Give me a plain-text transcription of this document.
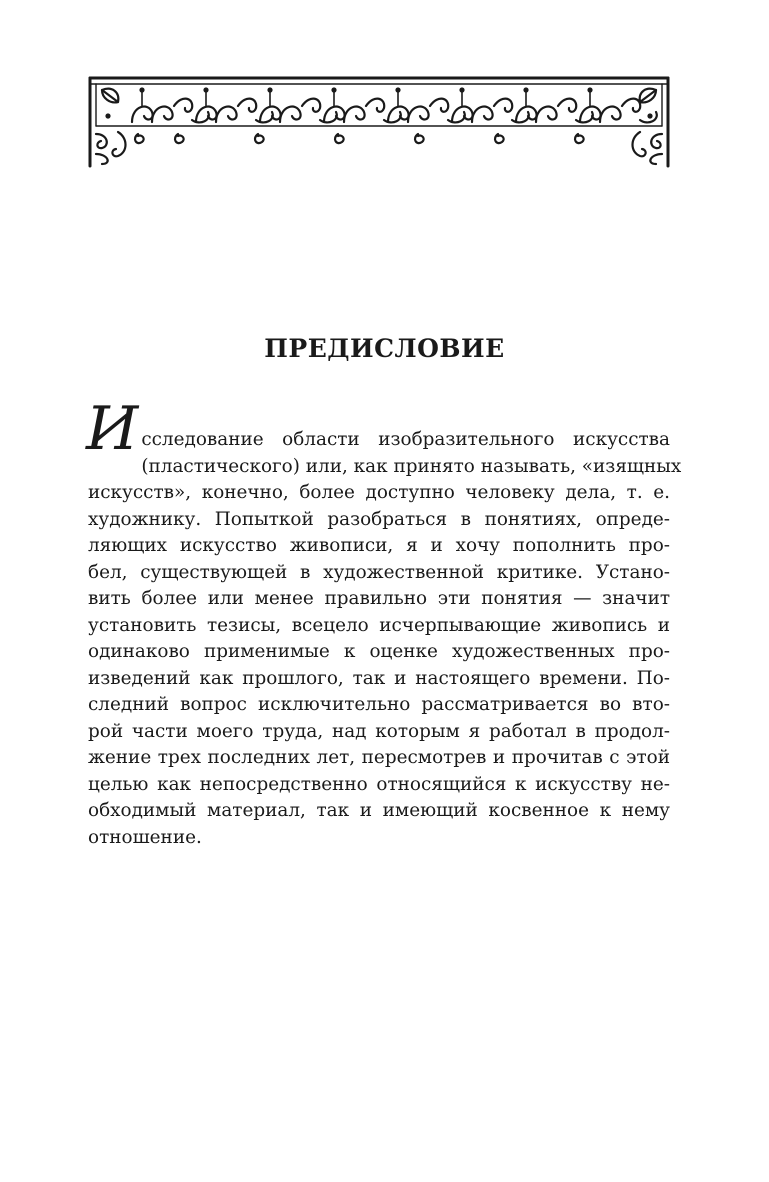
ПРЕДИСЛОВИЕ
И сследование области изобразительного искусства
(пластического) или, как принято называть, «изящных
искусств», конечно, более доступно человеку дела, т. е.
художнику. Попыткой разобраться в понятиях, опреде-
ляющих искусство живописи, я и хочу пополнить про-
бел, существующей в художественной критике. Устано-
вить более или менее правильно эти понятия — значит
установить тезисы, всецело исчерпывающие живопись и
одинаково применимые к оценке художественных про-
изведений как прошлого, так и настоящего времени. По-
следний вопрос исключительно рассматривается во вто-
рой части моего труда, над которым я работал в продол-
жение трех последних лет, пересмотрев и прочитав с этой
целью как непосредственно относящийся к искусству не-
обходимый материал, так и имеющий косвенное к нему
отношение.
